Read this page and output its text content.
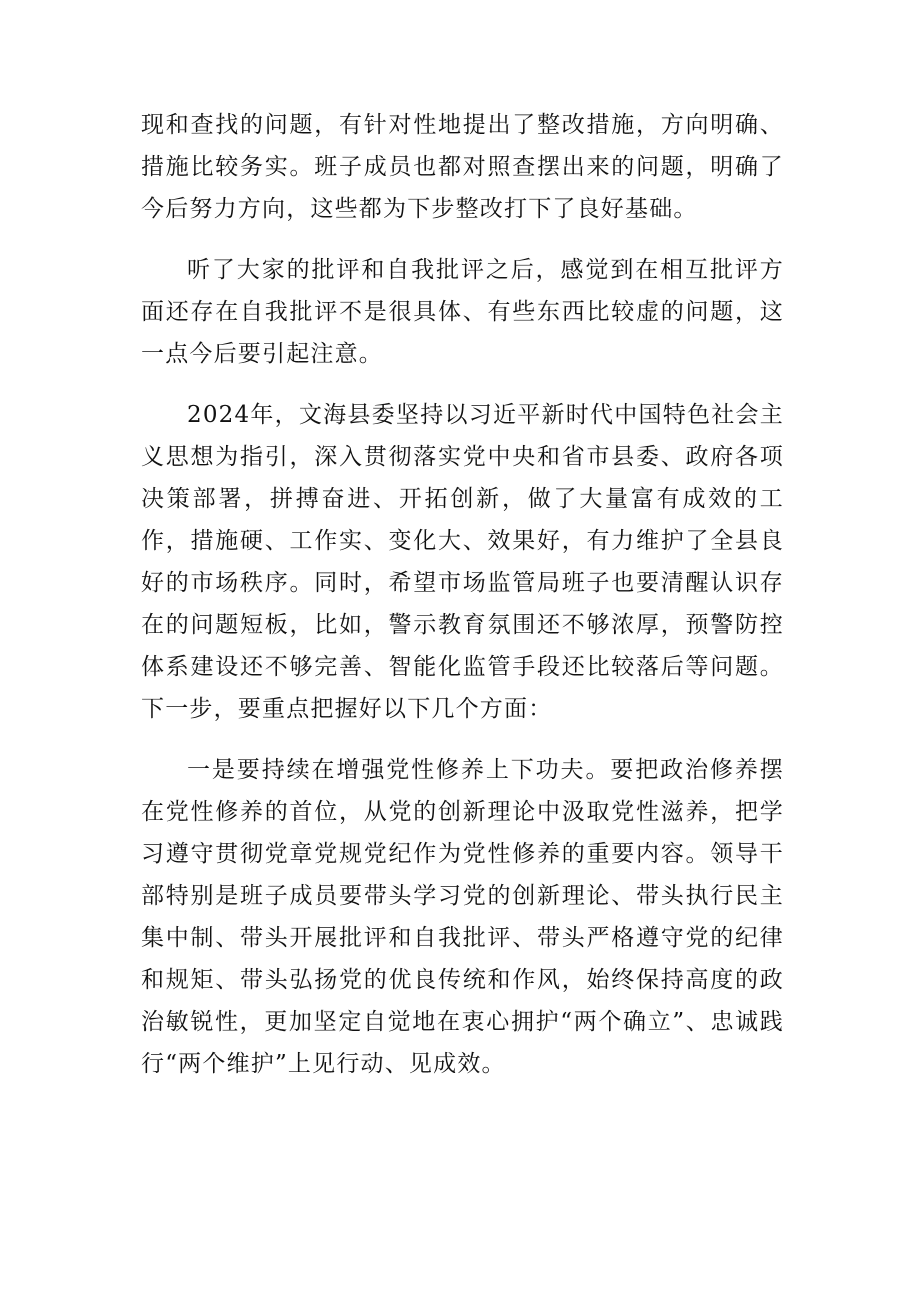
现和查找的问题，有针对性地提出了整改措施，方向明确、措施比较务实。班子成员也都对照查摆出来的问题，明确了今后努力方向，这些都为下步整改打下了良好基础。

听了大家的批评和自我批评之后，感觉到在相互批评方面还存在自我批评不是很具体、有些东西比较虚的问题，这一点今后要引起注意。

2024年，文海县委坚持以习近平新时代中国特色社会主义思想为指引，深入贯彻落实党中央和省市县委、政府各项决策部署，拼搏奋进、开拓创新，做了大量富有成效的工作，措施硬、工作实、变化大、效果好，有力维护了全县良好的市场秩序。同时，希望市场监管局班子也要清醒认识存在的问题短板，比如，警示教育氛围还不够浓厚，预警防控体系建设还不够完善、智能化监管手段还比较落后等问题。下一步，要重点把握好以下几个方面：

一是要持续在增强党性修养上下功夫。要把政治修养摆在党性修养的首位，从党的创新理论中汲取党性滋养，把学习遵守贯彻党章党规党纪作为党性修养的重要内容。领导干部特别是班子成员要带头学习党的创新理论、带头执行民主集中制、带头开展批评和自我批评、带头严格遵守党的纪律和规矩、带头弘扬党的优良传统和作风，始终保持高度的政治敏锐性，更加坚定自觉地在衷心拥护“两个确立”、忠诚践行“两个维护”上见行动、见成效。
